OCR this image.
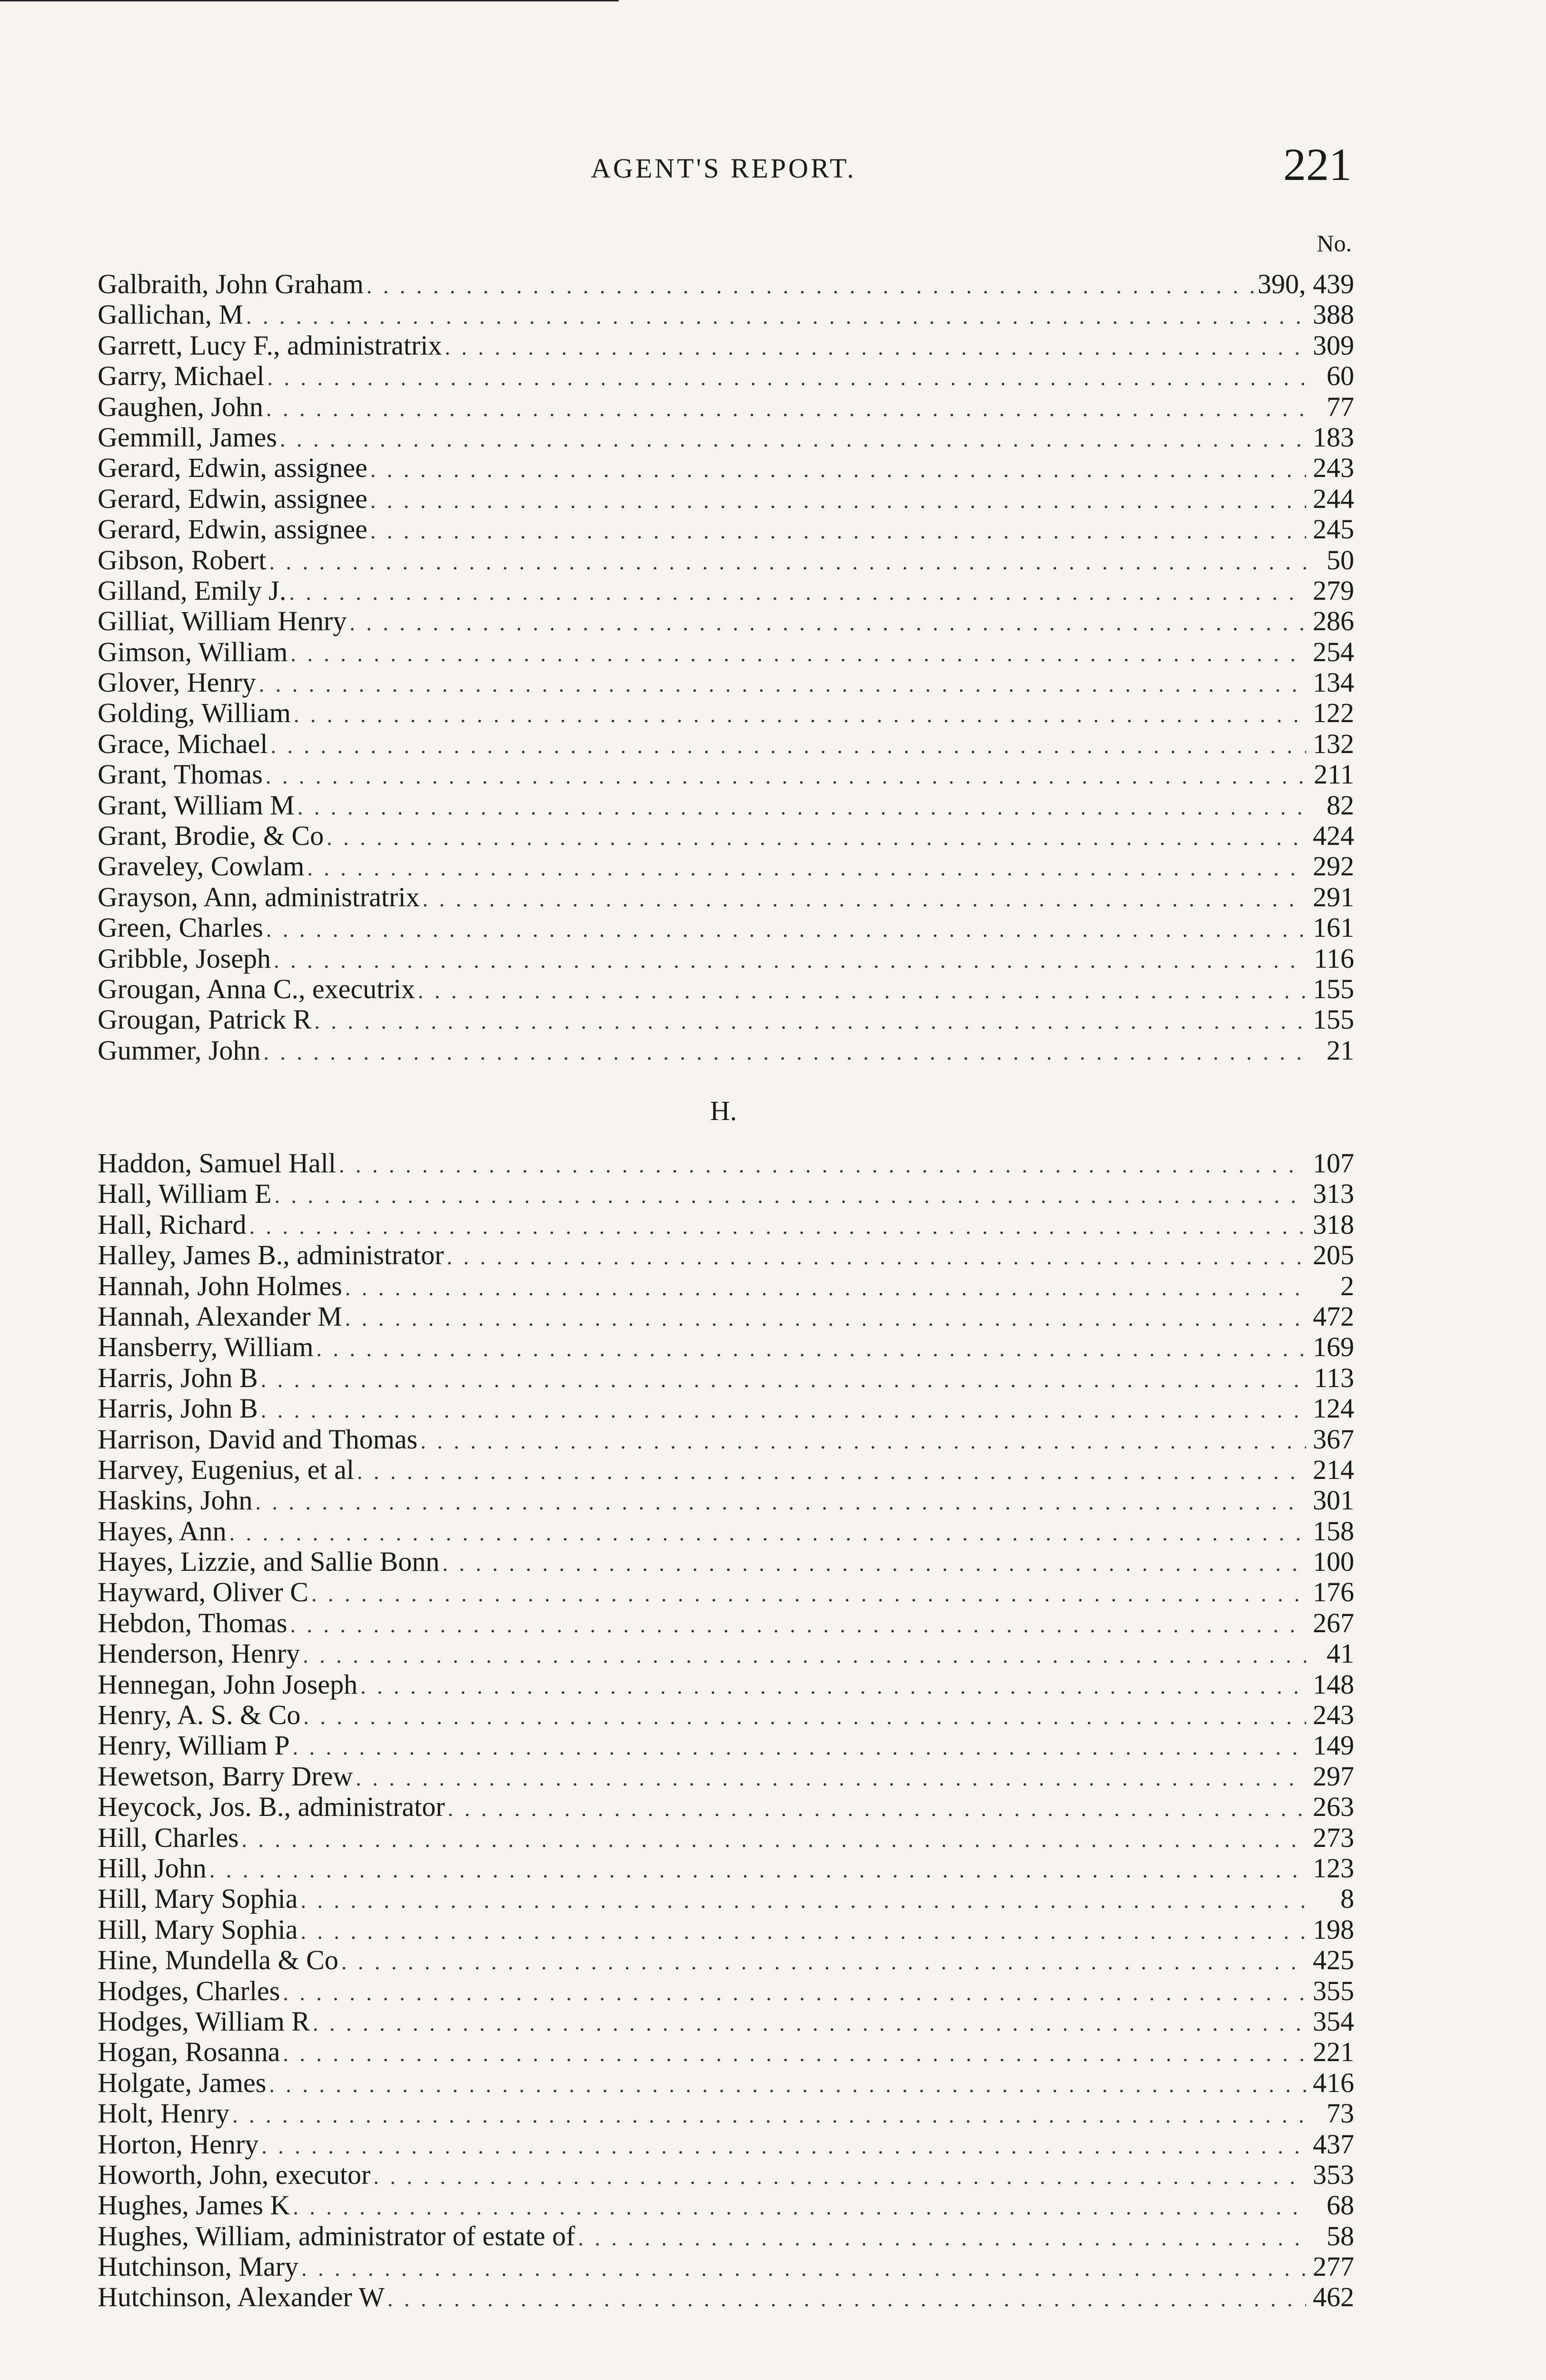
AGENT'S REPORT.	221
No.
Galbraith, John Graham . . .	390, 439
Gallichan, M . . .	388
Garrett, Lucy F., administratrix . . .	309
Garry, Michael . . .	60
Gaughen, John . . .	77
Gemmill, James . . .	183
Gerard, Edwin, assignee . . .	243
Gerard, Edwin, assignee . . .	244
Gerard, Edwin, assignee . . .	245
Gibson, Robert . . .	50
Gilland, Emily J. . . .	279
Gilliat, William Henry . . .	286
Gimson, William . . .	254
Glover, Henry . . .	134
Golding, William . . .	122
Grace, Michael . . .	132
Grant, Thomas . . .	211
Grant, William M . . .	82
Grant, Brodie, & Co . . .	424
Graveley, Cowlam . . .	292
Grayson, Ann, administratrix . . .	291
Green, Charles . . .	161
Gribble, Joseph . . .	116
Grougan, Anna C., executrix . . .	155
Grougan, Patrick R . . .	155
Gummer, John . . .	21
H.
Haddon, Samuel Hall . . .	107
Hall, William E . . .	313
Hall, Richard . . .	318
Halley, James B., administrator . . .	205
Hannah, John Holmes . . .	2
Hannah, Alexander M . . .	472
Hansberry, William . . .	169
Harris, John B . . .	113
Harris, John B . . .	124
Harrison, David and Thomas . . .	367
Harvey, Eugenius, et al . . .	214
Haskins, John . . .	301
Hayes, Ann . . .	158
Hayes, Lizzie, and Sallie Bonn . . .	100
Hayward, Oliver C . . .	176
Hebdon, Thomas . . .	267
Henderson, Henry . . .	41
Hennegan, John Joseph . . .	148
Henry, A. S. & Co . . .	243
Henry, William P . . .	149
Hewetson, Barry Drew . . .	297
Heycock, Jos. B., administrator . . .	263
Hill, Charles . . .	273
Hill, John . . .	123
Hill, Mary Sophia . . .	8
Hill, Mary Sophia . . .	198
Hine, Mundella & Co . . .	425
Hodges, Charles . . .	355
Hodges, William R . . .	354
Hogan, Rosanna . . .	221
Holgate, James . . .	416
Holt, Henry . . .	73
Horton, Henry . . .	437
Howorth, John, executor . . .	353
Hughes, James K . . .	68
Hughes, William, administrator of estate of . . .	58
Hutchinson, Mary . . .	277
Hutchinson, Alexander W . . .	462
